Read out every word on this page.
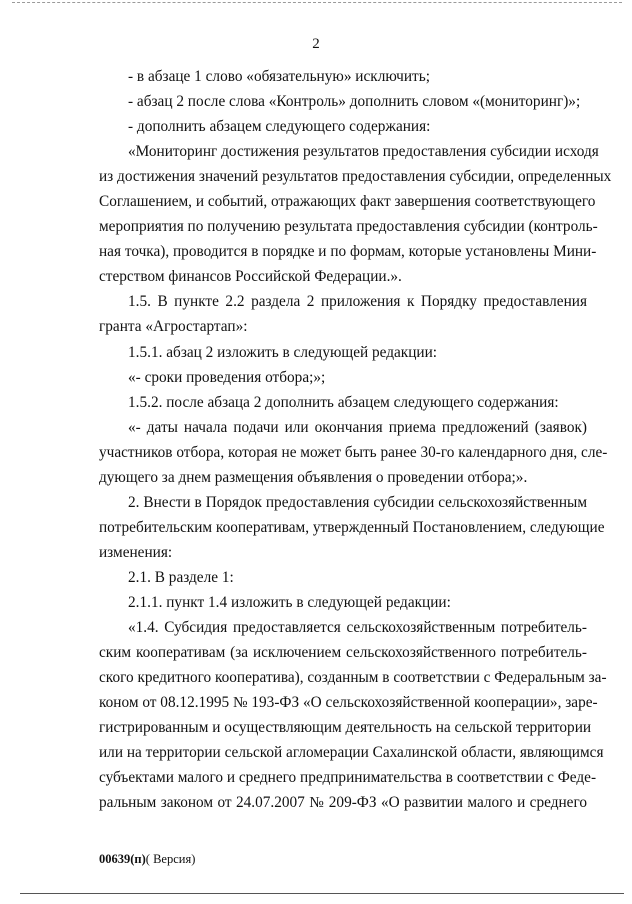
2
- в абзаце 1 слово «обязательную» исключить;
- абзац 2 после слова «Контроль» дополнить словом «(мониторинг)»;
- дополнить абзацем следующего содержания:
«Мониторинг достижения результатов предоставления субсидии исходя
из достижения значений результатов предоставления субсидии, определенных
Соглашением, и событий, отражающих факт завершения соответствующего
мероприятия по получению результата предоставления субсидии (контроль-
ная точка), проводится в порядке и по формам, которые установлены Мини-
стерством финансов Российской Федерации.».
1.5. В пункте 2.2 раздела 2 приложения к Порядку предоставления
гранта «Агростартап»:
1.5.1. абзац 2 изложить в следующей редакции:
«- сроки проведения отбора;»;
1.5.2. после абзаца 2 дополнить абзацем следующего содержания:
«- даты начала подачи или окончания приема предложений (заявок)
участников отбора, которая не может быть ранее 30-го календарного дня, сле-
дующего за днем размещения объявления о проведении отбора;».
2. Внести в Порядок предоставления субсидии сельскохозяйственным
потребительским кооперативам, утвержденный Постановлением, следующие
изменения:
2.1. В разделе 1:
2.1.1. пункт 1.4 изложить в следующей редакции:
«1.4. Субсидия предоставляется сельскохозяйственным потребитель-
ским кооперативам (за исключением сельскохозяйственного потребитель-
ского кредитного кооператива), созданным в соответствии с Федеральным за-
коном от 08.12.1995 № 193-ФЗ «О сельскохозяйственной кооперации», заре-
гистрированным и осуществляющим деятельность на сельской территории
или на территории сельской агломерации Сахалинской области, являющимся
субъектами малого и среднего предпринимательства в соответствии с Феде-
ральным законом от 24.07.2007 № 209-ФЗ «О развитии малого и среднего
00639(п)( Версия)
